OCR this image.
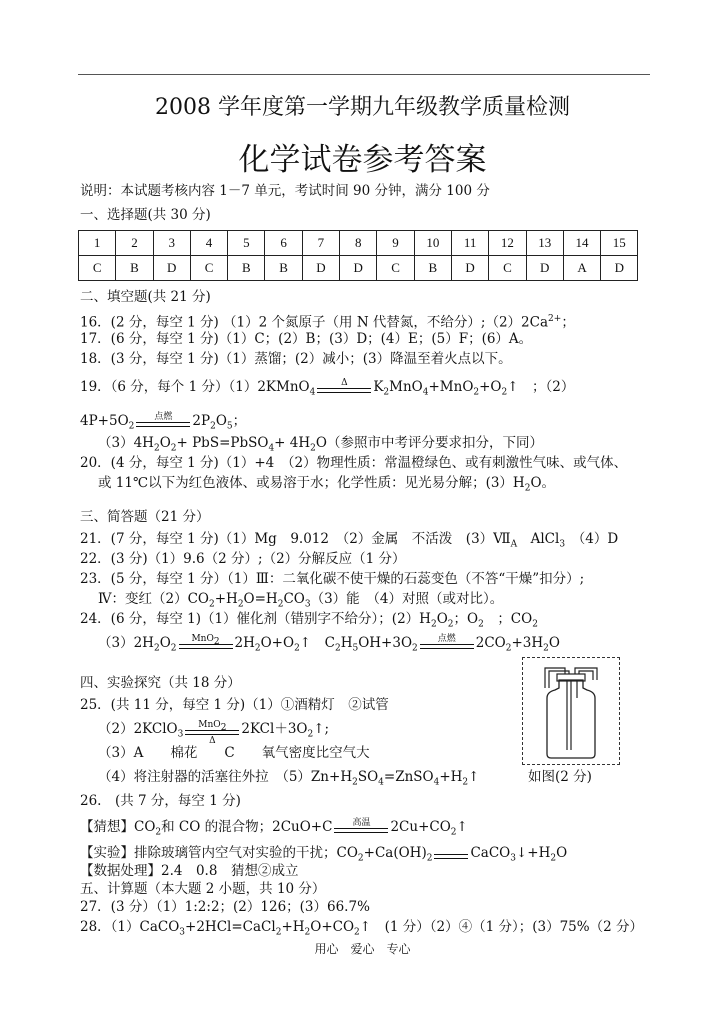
2008 学年度第一学期九年级教学质量检测
化学试卷参考答案
说明：本试题考核内容 1－7 单元，考试时间 90 分钟，满分 100 分
一、选择题(共 30 分)
1	2	3	4	5	6	7	8	9	10	11	12	13	14	15
C	B	D	C	B	B	D	D	C	B	D	C	D	A	D
二、填空题(共 21 分)
16．(2 分，每空 1 分) （1）2 个氮原子（用 N 代替氮，不给分）$;(2)2Ca^{2+}$；
17．(6 分，每空 1 分)（1）C；(2）B；(3）D；(4）E；(5）F；(6）A。
18．(3 分，每空 1 分)（1）蒸馏；(2）减小；(3）降温至着火点以下。
19．（6 分，每个 1 分）（1）2KMnO$_4$
Δ	$K_2MnO_4+MnO_2+O_2↑$　；（2）
$4P+5O_2$
点燃	$2P_2O_5$；
$(3)4H_2O_2+$ PbS=PbSO$_4$+ $4H_2O$（参照市中考评分要求扣分，下同）
20．(4 分，每空 1 分)（1）+4　（2）物理性质：常温橙绿色、或有刺激性气味、或气体、
或 11℃以下为红色液体、或易溶于水；化学性质：见光易分解；$(3)H_2O$。
三、简答题（21 分）
21．(7 分，每空 1 分)（1）Mg　9.012　（2）金属　不活泼　$(3)Ⅶ_A$　AlCl$_3$　 （4）D
22．(3 分)（1）9.6（2 分）;（2）分解反应（1 分）
23．(5 分，每空 1 分）（1）Ⅲ：二氧化碳不使干燥的石蕊变色（不答“干燥”扣分）;
Ⅳ：变红$(2)CO_2+H_2O=H_2CO_3(3)$能　（4）对照（或对比）。
24．(6 分，每空 1)（1）催化剂（错别字不给分）；$(2)H_2O_2$；$O_2$　 ；$CO_2$
$(3)2H_2O_2$
MnO$_2$	$2H_2O+O_2↑$　$C_2H_5OH+3O_2$
点燃	$2CO_2+3H_2O$
四、实验探究（共 18 分）
25．(共 11 分，每空 1 分)（1）①酒精灯　②试管
（2）2KClO$_3$
MnO$_2$
Δ
$2KCl+3O_2↑$;
（3）A　　棉花　　C　　氧气密度比空气大
（4）将注射器的活塞往外拉　$(5)Zn+H_2SO_4=ZnSO_4+H_2↑$	如图(2 分)
26.　(共 7 分，每空 1 分)
【猜想】$CO_2$和 CO 的混合物；2CuO+C	高温	$2Cu+CO_2↑$
【实验】排除玻璃管内空气对实验的干扰；$CO_2+Ca(OH)_2$	$CaCO_3↓+H_2O$
【数据处理】2.4　0.8　猜想②成立
五、计算题（本大题 2 小题，共 10 分）
27．(3 分）（1）1:2:2；(2）126；(3）66.7%
28．$(1)CaCO_3+2HCl=CaCl_2+H_2O+CO_2↑$　(1 分）（2）④（1 分）；(3）75%（2 分）
用心　爱心　专心
